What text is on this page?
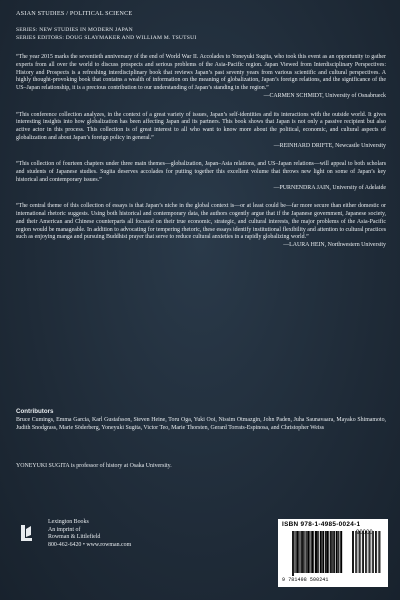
ASIAN STUDIES / POLITICAL SCIENCE
SERIES: NEW STUDIES IN MODERN JAPAN
SERIES EDITORS: DOUG SLAYMAKER AND WILLIAM M. TSUTSUI

“The year 2015 marks the seventieth anniversary of the end of World War II. Accolades to Yoneyuki Sugita, who took this event as an opportunity to gather experts from all over the world to discuss prospects and serious problems of the Asia-Pacific region. Japan Viewed from Interdisciplinary Perspectives: History and Prospects is a refreshing interdisciplinary book that reviews Japan’s past seventy years from various scientific and cultural perspectives. A highly thought-provoking book that contains a wealth of information on the meaning of globalization, Japan’s foreign relations, and the significance of the US–Japan relationship, it is a precious contribution to our understanding of Japan’s standing in the region.”

—CARMEN SCHMIDT, University of Osnabrueck

“This conference collection analyzes, in the context of a great variety of issues, Japan’s self-identities and its interactions with the outside world. It gives interesting insights into how globalization has been affecting Japan and its partners. This book shows that Japan is not only a passive recipient but also active actor in this process. This collection is of great interest to all who want to know more about the political, economic, and cultural aspects of globalization and about Japan’s foreign policy in general.”

—REINHARD DRIFTE, Newcastle University

“This collection of fourteen chapters under three main themes—globalization, Japan–Asia relations, and US–Japan relations—will appeal to both scholars and students of Japanese studies. Sugita deserves accolades for putting together this excellent volume that throws new light on some of Japan’s key historical and contemporary issues.”

—PURNENDRA JAIN, University of Adelaide

“The central theme of this collection of essays is that Japan’s niche in the global context is—or at least could be—far more secure than either domestic or international rhetoric suggests. Using both historical and contemporary data, the authors cogently argue that if the Japanese government, Japanese society, and their American and Chinese counterparts all focused on their true economic, strategic, and cultural interests, the major problems of the Asia-Pacific region would be manageable. In addition to advocating for tempering rhetoric, these essays identify institutional flexibility and attention to cultural practices such as enjoying manga and pursuing Buddhist prayer that serve to reduce cultural anxieties in a rapidly globalizing world.”

—LAURA HEIN, Northwestern University

Contributors

Bruce Cumings, Emma Garcia, Karl Gustafsson, Steven Heine, Toru Oga, Yuki Ooi, Nissim Otmazgin, John Paden, Juha Saunavaara, Mayako Shimamoto, Judith Snodgrass, Marie Söderberg, Yoneyuki Sugita, Victor Teo, Marie Thorsten, Gerard Torrats-Espinosa, and Christopher Weiss

YONEYUKI SUGITA is professor of history at Osaka University.
Lexington Books
An imprint of
Rowman & Littlefield
800-462-6420 • www.rowman.com
ISBN 978-1-4985-0024-1
90000
9 781498 500241
